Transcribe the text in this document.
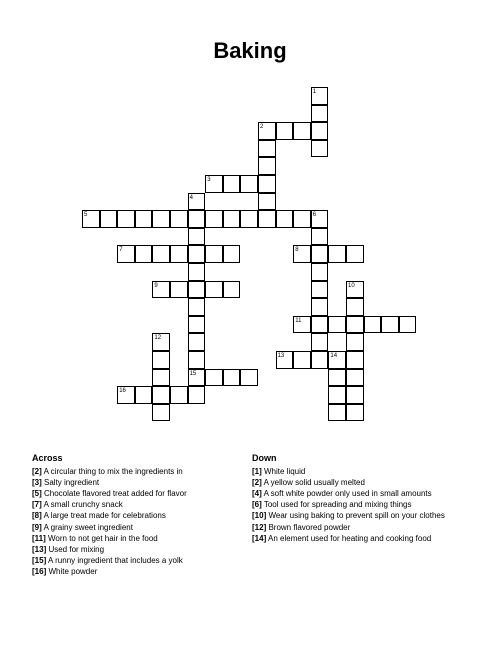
Baking
1
2
3
4
5	6
7	8
9	10
11
12
13	14
15
16
Across
[2] A circular thing to mix the ingredients in
[3] Salty ingredient
[5] Chocolate flavored treat added for flavor
[7] A small crunchy snack
[8] A large treat made for celebrations
[9] A grainy sweet ingredient
[11] Worn to not get hair in the food
[13] Used for mixing
[15] A runny ingredient that includes a yolk
[16] White powder
Down
[1] White liquid
[2] A yellow solid usually melted
[4] A soft white powder only used in small amounts
[6] Tool used for spreading and mixing things
[10] Wear using baking to prevent spill on your clothes
[12] Brown flavored powder
[14] An element used for heating and cooking food
